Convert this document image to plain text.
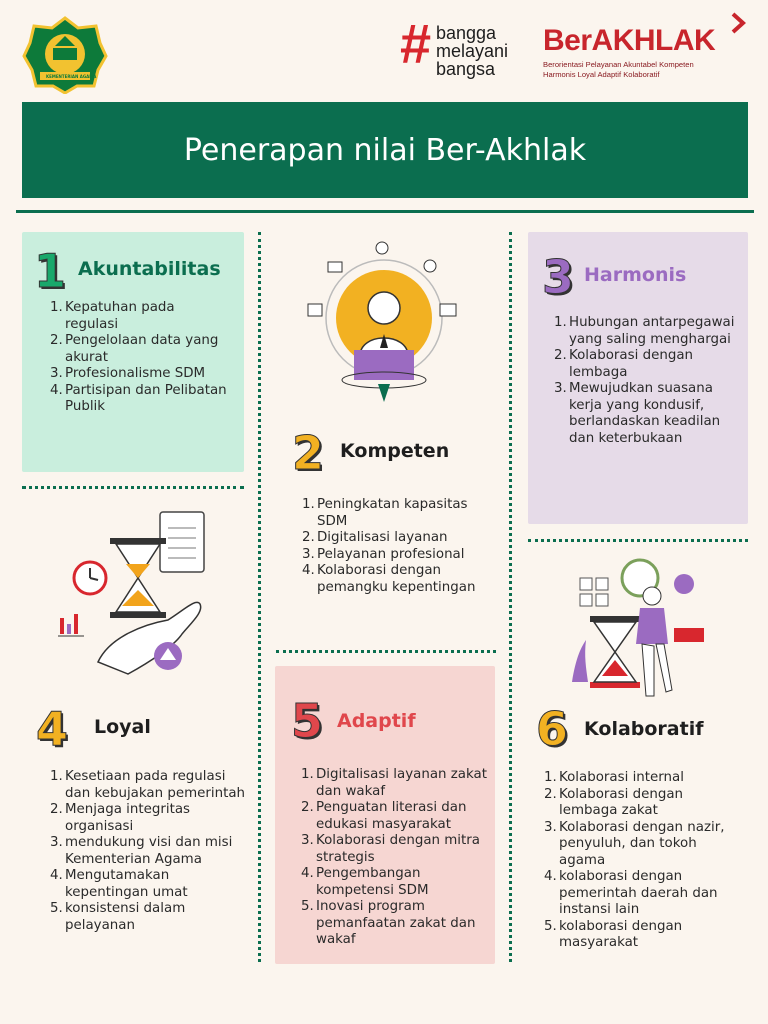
KEMENTERIAN AGAMA
# bangga
melayani
bangsa
BerAKHLAK
Berorientasi Pelayanan Akuntabel Kompeten
Harmonis Loyal Adaptif Kolaboratif
Penerapan nilai Ber-Akhlak
1 Akuntabilitas
1. Kepatuhan pada regulasi
2. Pengelolaan data yang akurat
3. Profesionalisme SDM
4. Partisipan dan Pelibatan Publik
4 Loyal
1. Kesetiaan pada regulasi dan kebujakan pemerintah
2. Menjaga integritas organisasi
3. mendukung visi dan misi Kementerian Agama
4. Mengutamakan kepentingan umat
5. konsistensi dalam pelayanan
2 Kompeten
1. Peningkatan kapasitas SDM
2. Digitalisasi layanan
3. Pelayanan profesional
4. Kolaborasi dengan pemangku kepentingan
5 Adaptif
1. Digitalisasi layanan zakat dan wakaf
2. Penguatan literasi dan edukasi masyarakat
3. Kolaborasi dengan mitra strategis
4. Pengembangan kompetensi SDM
5. Inovasi program pemanfaatan zakat dan wakaf
3 Harmonis
1. Hubungan antarpegawai yang saling menghargai
2. Kolaborasi dengan lembaga
3. Mewujudkan suasana kerja yang kondusif, berlandaskan keadilan dan keterbukaan
6 Kolaboratif
1. Kolaborasi internal
2. Kolaborasi dengan lembaga zakat
3. Kolaborasi dengan nazir, penyuluh, dan tokoh agama
4. kolaborasi dengan pemerintah daerah dan instansi lain
5. kolaborasi dengan masyarakat
